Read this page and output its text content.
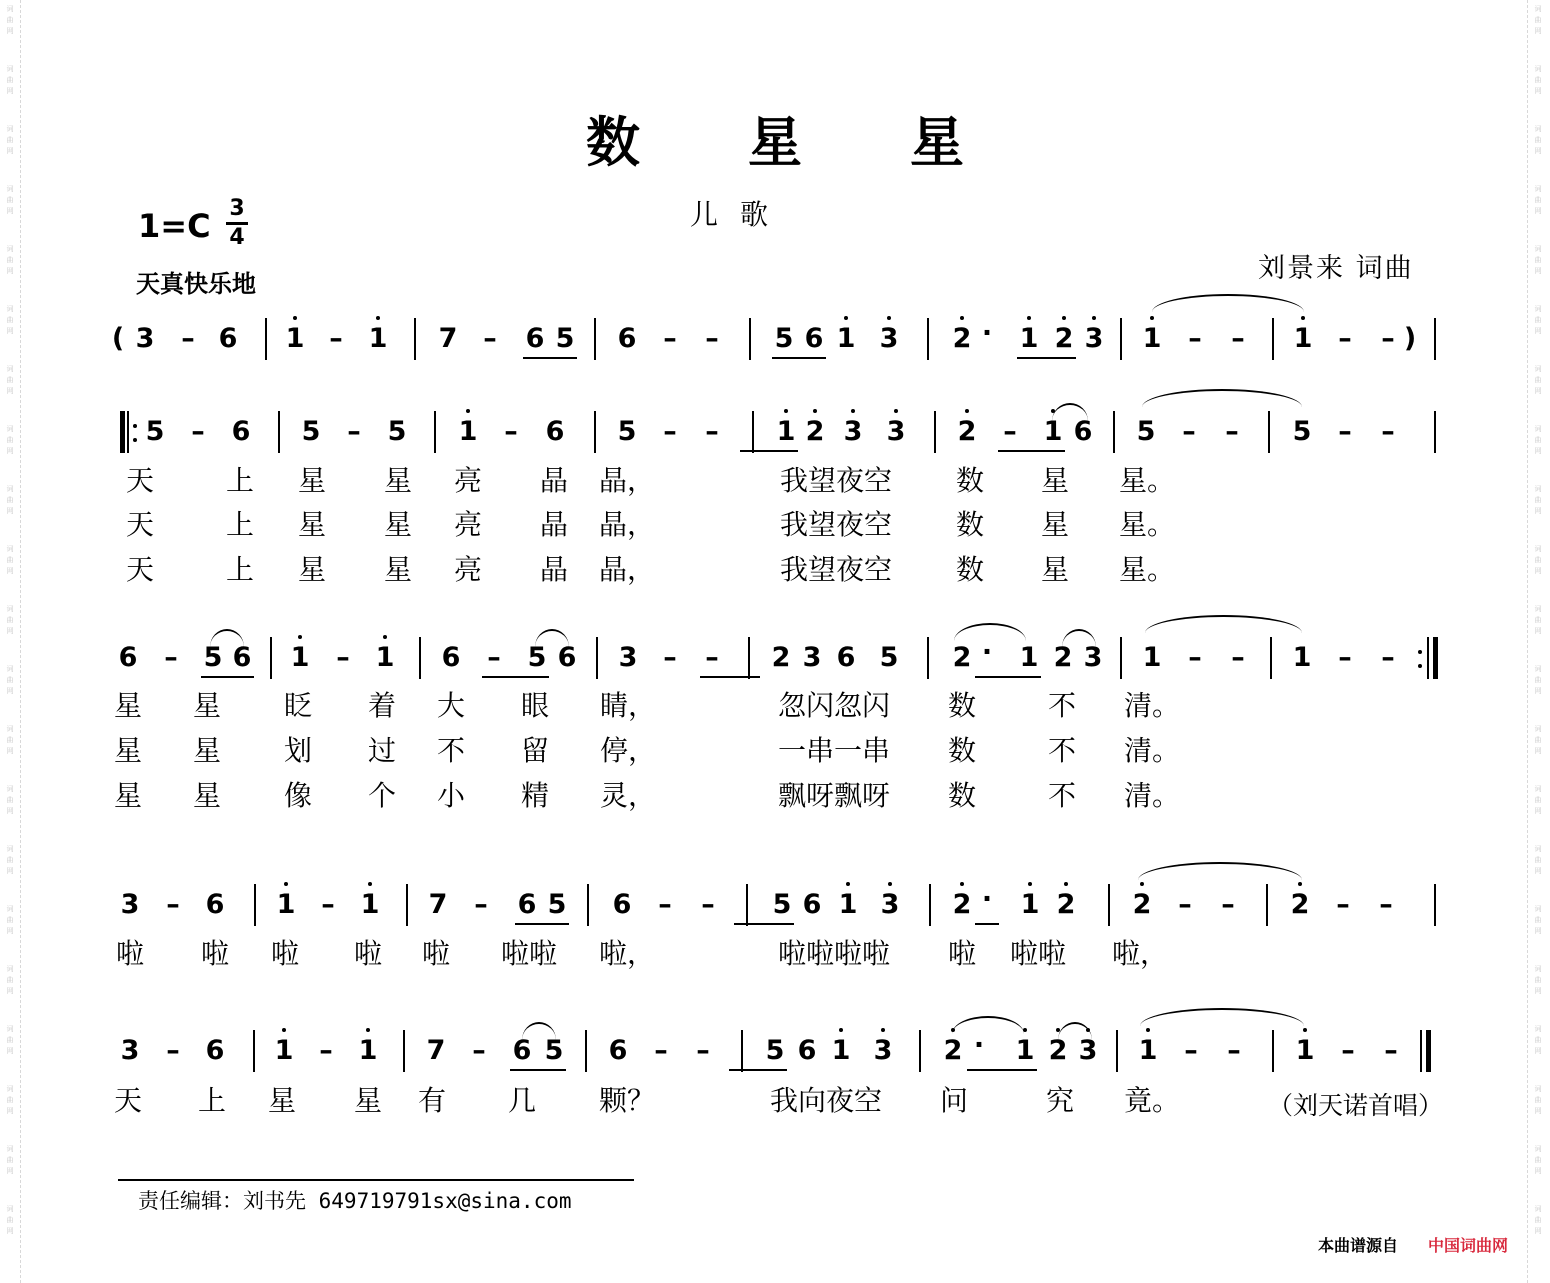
词
曲
网
词
曲
网
词
曲
网
词
曲
网
词
曲
网
词
曲
网
词
曲
网
词
曲
网
词
曲
网
词
曲
网
词
曲
网
词
曲
网
词
曲
网
词
曲
网
词
曲
网
词
曲
网
词
曲
网
词
曲
网
词
曲
网
词
曲
网
词
曲
网
词
曲
网
词
曲
网
词
曲
网
词
曲
网
词
曲
网
词
曲
网
词
曲
网
词
曲
网
词
曲
网
词
曲
网
词
曲
网
词
曲
网
词
曲
网
词
曲
网
词
曲
网
词
曲
网
词
曲
网
词
曲
网
词
曲
网
词
曲
网
词
曲
网
数星星
儿歌
1=C 3
4
天真快乐地	刘景来 词曲
( 3 – 6 1 – 1 7 – 6 5 6 – – 5 6 1 3 2 · 1 2 3 1 – – 1 – – )
5 – 6 5 – 5 1 – 6 5 – – 1 2 3 3 2 – 1 6 5 – – 5 – –
6 – 5 6 1 – 1 6 – 5 6 3 – – 2 3 6 5 2 · 1 2 3 1 – – 1 – –
3 – 6 1 – 1 7 – 6 5 6 – – 5 6 1 3 2 · 1 2 2 – – 2 – –
3 – 6 1 – 1 7 – 6 5 6 – – 5 6 1 3 2 · 1 2 3 1 – – 1 – –
天	上 星 星 亮 晶 晶，	我望夜空	数 星 星。
天	上 星 星 亮 晶 晶，	我望夜空	数 星 星。
天	上 星 星 亮 晶 晶，	我望夜空	数 星 星。
星 星 眨 着 大 眼 睛，	忽闪忽闪	数	不 清。
星 星 划 过 不 留 停，	一串一串	数	不 清。
星 星 像 个 小 精 灵，	飘呀飘呀	数	不 清。
啦 啦 啦 啦 啦 啦啦 啦，	啦啦啦啦	啦 啦啦 啦，
天 上 星 星 有 几 颗？	我向夜空	问	究 竟。	（刘天诺首唱）
责任编辑：刘书先 649719791sx@sina.com
本曲谱源自 中国词曲网
